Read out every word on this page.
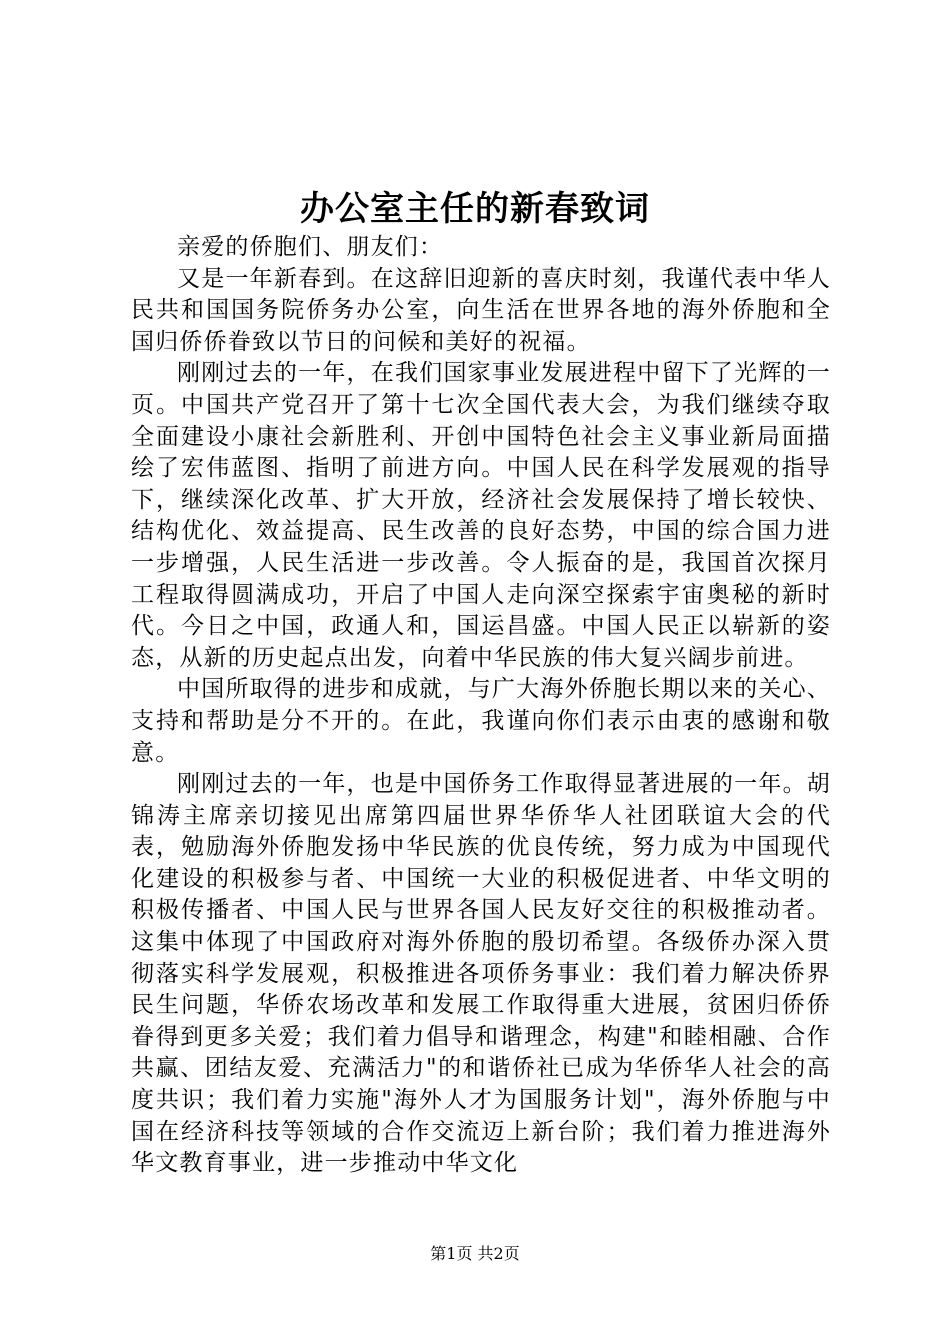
办公室主任的新春致词

亲爱的侨胞们、朋友们：

又是一年新春到。在这辞旧迎新的喜庆时刻，我谨代表中华人民共和国国务院侨务办公室，向生活在世界各地的海外侨胞和全国归侨侨眷致以节日的问候和美好的祝福。

刚刚过去的一年，在我们国家事业发展进程中留下了光辉的一页。中国共产党召开了第十七次全国代表大会，为我们继续夺取全面建设小康社会新胜利、开创中国特色社会主义事业新局面描绘了宏伟蓝图、指明了前进方向。中国人民在科学发展观的指导下，继续深化改革、扩大开放，经济社会发展保持了增长较快、结构优化、效益提高、民生改善的良好态势，中国的综合国力进一步增强，人民生活进一步改善。令人振奋的是，我国首次探月工程取得圆满成功，开启了中国人走向深空探索宇宙奥秘的新时代。今日之中国，政通人和，国运昌盛。中国人民正以崭新的姿态，从新的历史起点出发，向着中华民族的伟大复兴阔步前进。

中国所取得的进步和成就，与广大海外侨胞长期以来的关心、支持和帮助是分不开的。在此，我谨向你们表示由衷的感谢和敬意。

刚刚过去的一年，也是中国侨务工作取得显著进展的一年。胡锦涛主席亲切接见出席第四届世界华侨华人社团联谊大会的代表，勉励海外侨胞发扬中华民族的优良传统，努力成为中国现代化建设的积极参与者、中国统一大业的积极促进者、中华文明的积极传播者、中国人民与世界各国人民友好交往的积极推动者。这集中体现了中国政府对海外侨胞的殷切希望。各级侨办深入贯彻落实科学发展观，积极推进各项侨务事业：我们着力解决侨界民生问题，华侨农场改革和发展工作取得重大进展，贫困归侨侨眷得到更多关爱；我们着力倡导和谐理念，构建"和睦相融、合作共赢、团结友爱、充满活力"的和谐侨社已成为华侨华人社会的高度共识；我们着力实施"海外人才为国服务计划"，海外侨胞与中国在经济科技等领域的合作交流迈上新台阶；我们着力推进海外华文教育事业，进一步推动中华文化

第1页 共2页
